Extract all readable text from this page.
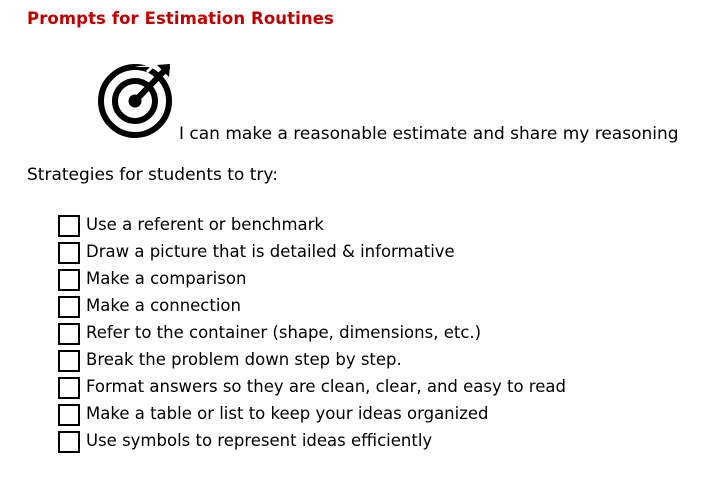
Prompts for Estimation Routines
I can make a reasonable estimate and share my reasoning
Strategies for students to try:
Use a referent or benchmark
Draw a picture that is detailed & informative
Make a comparison
Make a connection
Refer to the container (shape, dimensions, etc.)
Break the problem down step by step.
Format answers so they are clean, clear, and easy to read
Make a table or list to keep your ideas organized
Use symbols to represent ideas efficiently
